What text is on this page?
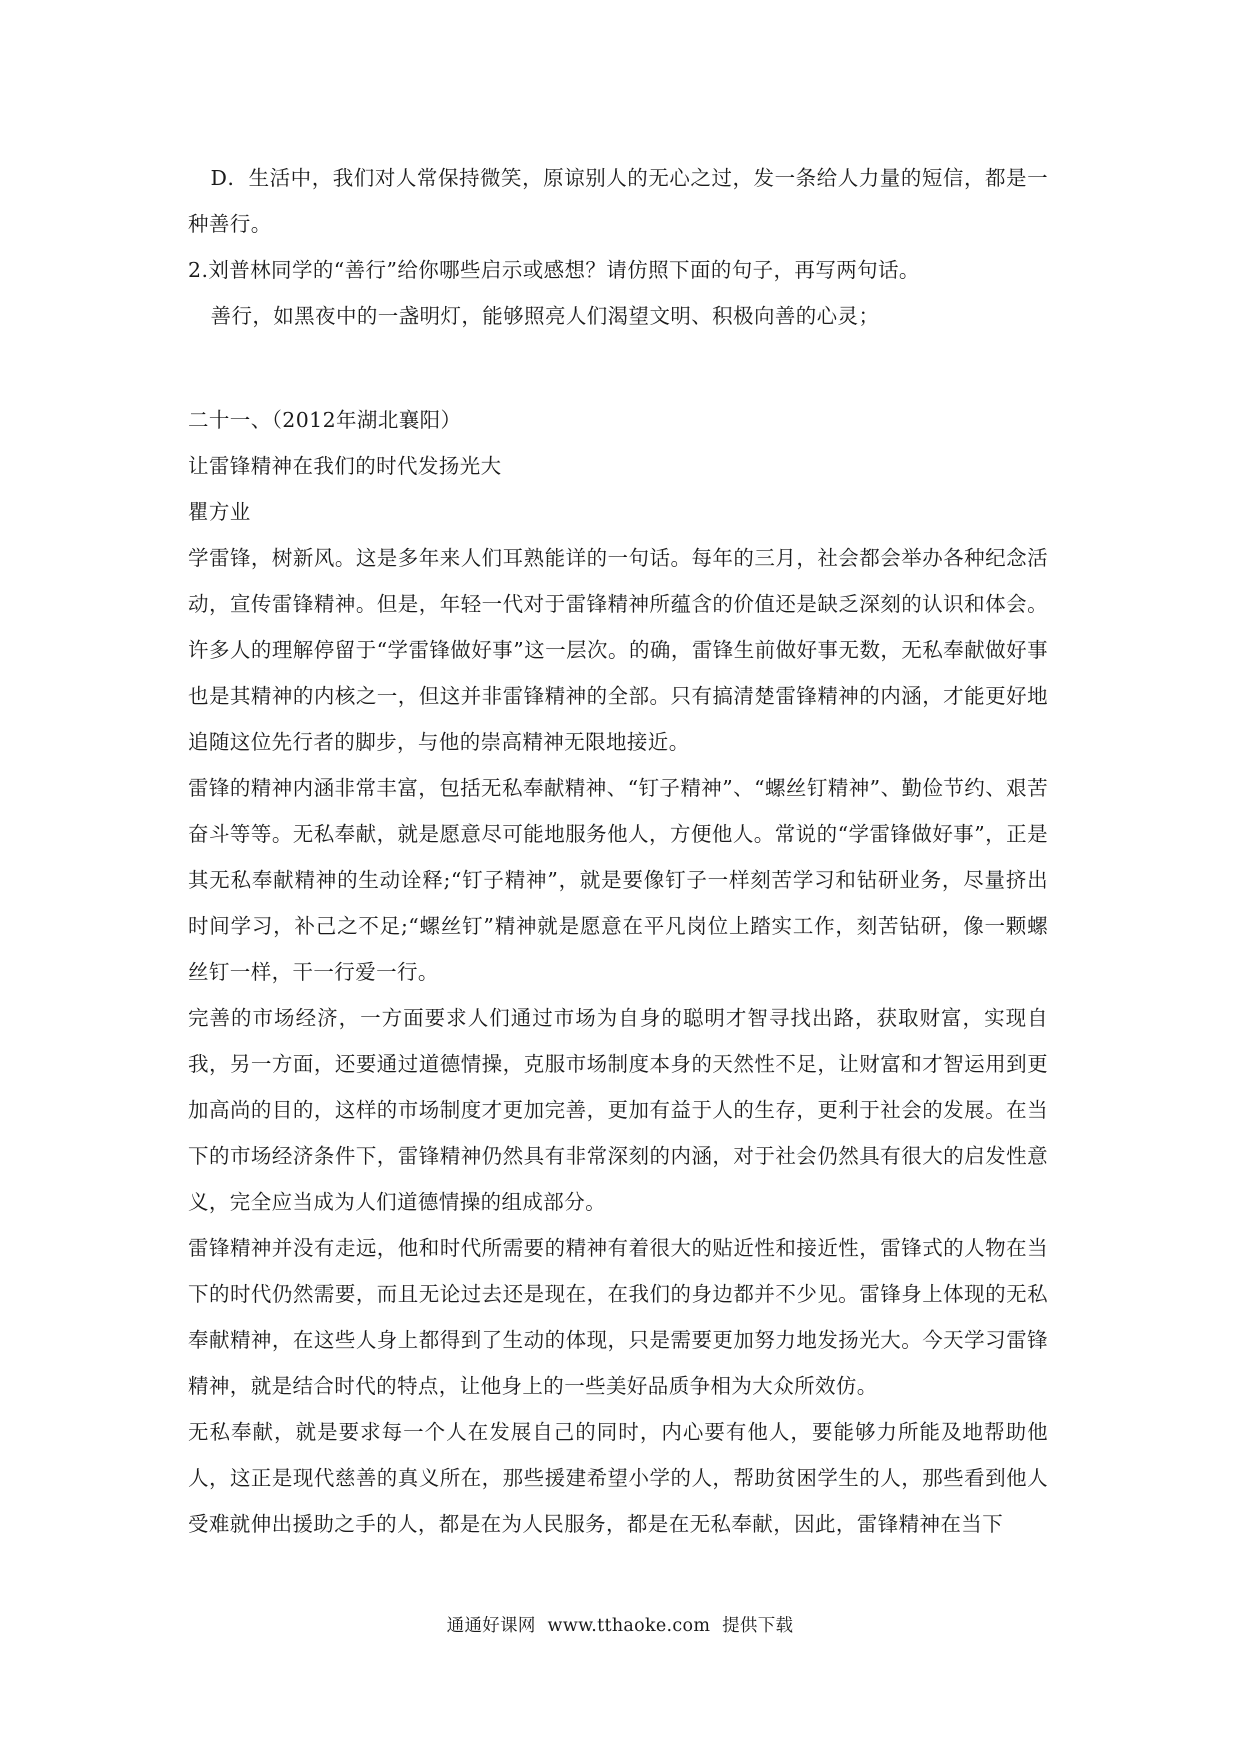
D．生活中，我们对人常保持微笑，原谅别人的无心之过，发一条给人力量的短信，都是一种善行。

2.刘普林同学的“善行”给你哪些启示或感想？请仿照下面的句子，再写两句话。

善行，如黑夜中的一盏明灯，能够照亮人们渴望文明、积极向善的心灵；

二十一、（2012年湖北襄阳）

让雷锋精神在我们的时代发扬光大

瞿方业

学雷锋，树新风。这是多年来人们耳熟能详的一句话。每年的三月，社会都会举办各种纪念活动，宣传雷锋精神。但是，年轻一代对于雷锋精神所蕴含的价值还是缺乏深刻的认识和体会。许多人的理解停留于“学雷锋做好事”这一层次。的确，雷锋生前做好事无数，无私奉献做好事也是其精神的内核之一，但这并非雷锋精神的全部。只有搞清楚雷锋精神的内涵，才能更好地追随这位先行者的脚步，与他的崇高精神无限地接近。

雷锋的精神内涵非常丰富，包括无私奉献精神、“钉子精神”、“螺丝钉精神”、勤俭节约、艰苦奋斗等等。无私奉献，就是愿意尽可能地服务他人，方便他人。常说的“学雷锋做好事”，正是其无私奉献精神的生动诠释;“钉子精神”，就是要像钉子一样刻苦学习和钻研业务，尽量挤出时间学习，补己之不足;“螺丝钉”精神就是愿意在平凡岗位上踏实工作，刻苦钻研，像一颗螺丝钉一样，干一行爱一行。

完善的市场经济，一方面要求人们通过市场为自身的聪明才智寻找出路，获取财富，实现自我，另一方面，还要通过道德情操，克服市场制度本身的天然性不足，让财富和才智运用到更加高尚的目的，这样的市场制度才更加完善，更加有益于人的生存，更利于社会的发展。在当下的市场经济条件下，雷锋精神仍然具有非常深刻的内涵，对于社会仍然具有很大的启发性意义，完全应当成为人们道德情操的组成部分。

雷锋精神并没有走远，他和时代所需要的精神有着很大的贴近性和接近性，雷锋式的人物在当下的时代仍然需要，而且无论过去还是现在，在我们的身边都并不少见。雷锋身上体现的无私奉献精神，在这些人身上都得到了生动的体现，只是需要更加努力地发扬光大。今天学习雷锋精神，就是结合时代的特点，让他身上的一些美好品质争相为大众所效仿。

无私奉献，就是要求每一个人在发展自己的同时，内心要有他人，要能够力所能及地帮助他人，这正是现代慈善的真义所在，那些援建希望小学的人，帮助贫困学生的人，那些看到他人受难就伸出援助之手的人，都是在为人民服务，都是在无私奉献，因此，雷锋精神在当下

通通好课网 www.tthaoke.com 提供下载
